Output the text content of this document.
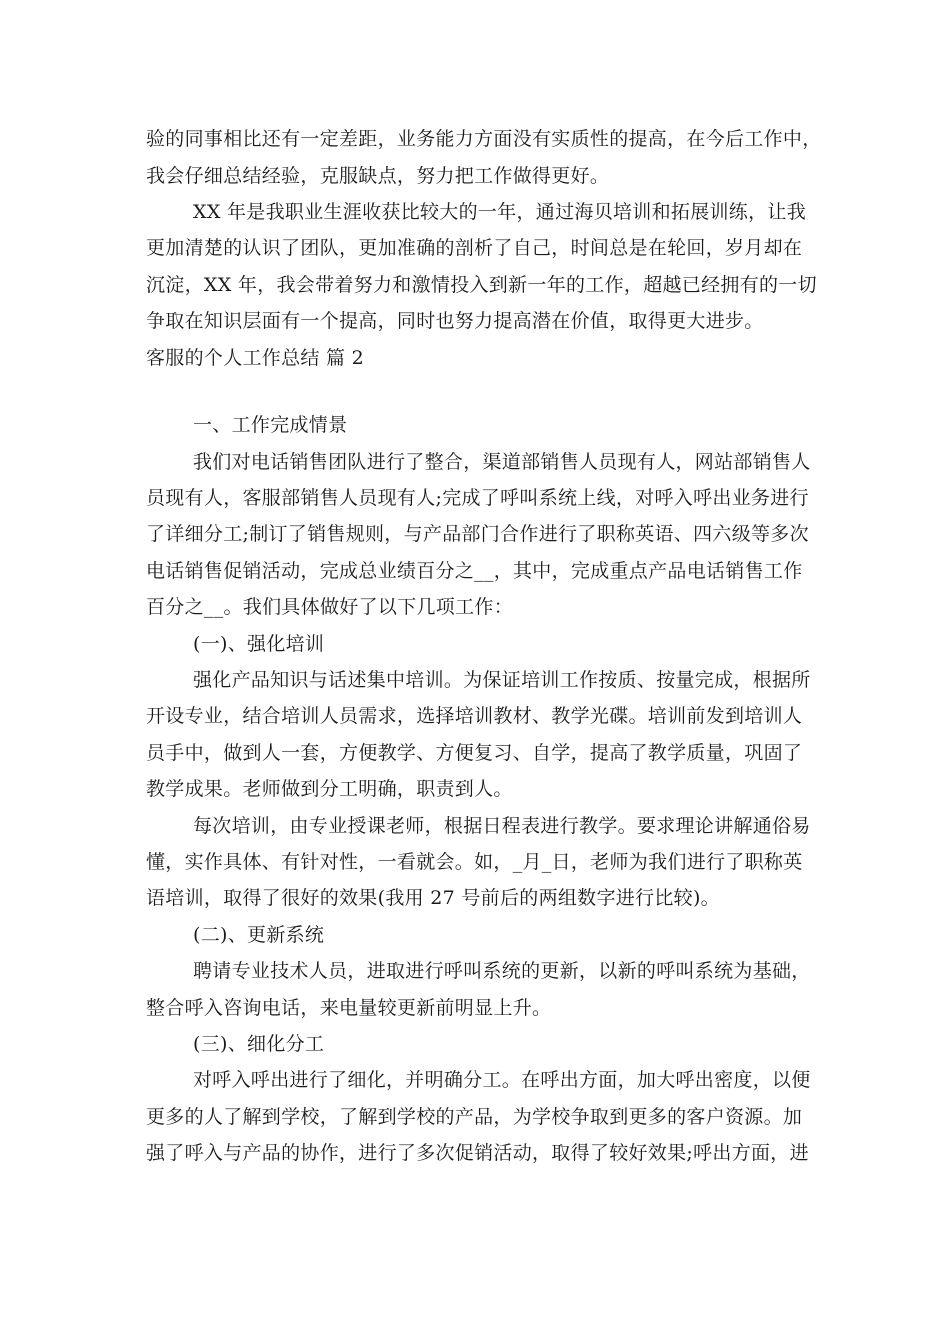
验的同事相比还有一定差距，业务能力方面没有实质性的提高，在今后工作中，
我会仔细总结经验，克服缺点，努力把工作做得更好。
XX 年是我职业生涯收获比较大的一年，通过海贝培训和拓展训练，让我
更加清楚的认识了团队，更加准确的剖析了自己，时间总是在轮回，岁月却在
沉淀，XX 年，我会带着努力和激情投入到新一年的工作，超越已经拥有的一切
争取在知识层面有一个提高，同时也努力提高潜在价值，取得更大进步。
客服的个人工作总结 篇 2
一、工作完成情景
我们对电话销售团队进行了整合，渠道部销售人员现有人，网站部销售人
员现有人，客服部销售人员现有人;完成了呼叫系统上线，对呼入呼出业务进行
了详细分工;制订了销售规则，与产品部门合作进行了职称英语、四六级等多次
电话销售促销活动，完成总业绩百分之__，其中，完成重点产品电话销售工作
百分之__。我们具体做好了以下几项工作：
(一)、强化培训
强化产品知识与话述集中培训。为保证培训工作按质、按量完成，根据所
开设专业，结合培训人员需求，选择培训教材、教学光碟。培训前发到培训人
员手中，做到人一套，方便教学、方便复习、自学，提高了教学质量，巩固了
教学成果。老师做到分工明确，职责到人。
每次培训，由专业授课老师，根据日程表进行教学。要求理论讲解通俗易
懂，实作具体、有针对性，一看就会。如，_月_日，老师为我们进行了职称英
语培训，取得了很好的效果(我用 27 号前后的两组数字进行比较)。
(二)、更新系统
聘请专业技术人员，进取进行呼叫系统的更新，以新的呼叫系统为基础，
整合呼入咨询电话，来电量较更新前明显上升。
(三)、细化分工
对呼入呼出进行了细化，并明确分工。在呼出方面，加大呼出密度，以便
更多的人了解到学校，了解到学校的产品，为学校争取到更多的客户资源。加
强了呼入与产品的协作，进行了多次促销活动，取得了较好效果;呼出方面，进
